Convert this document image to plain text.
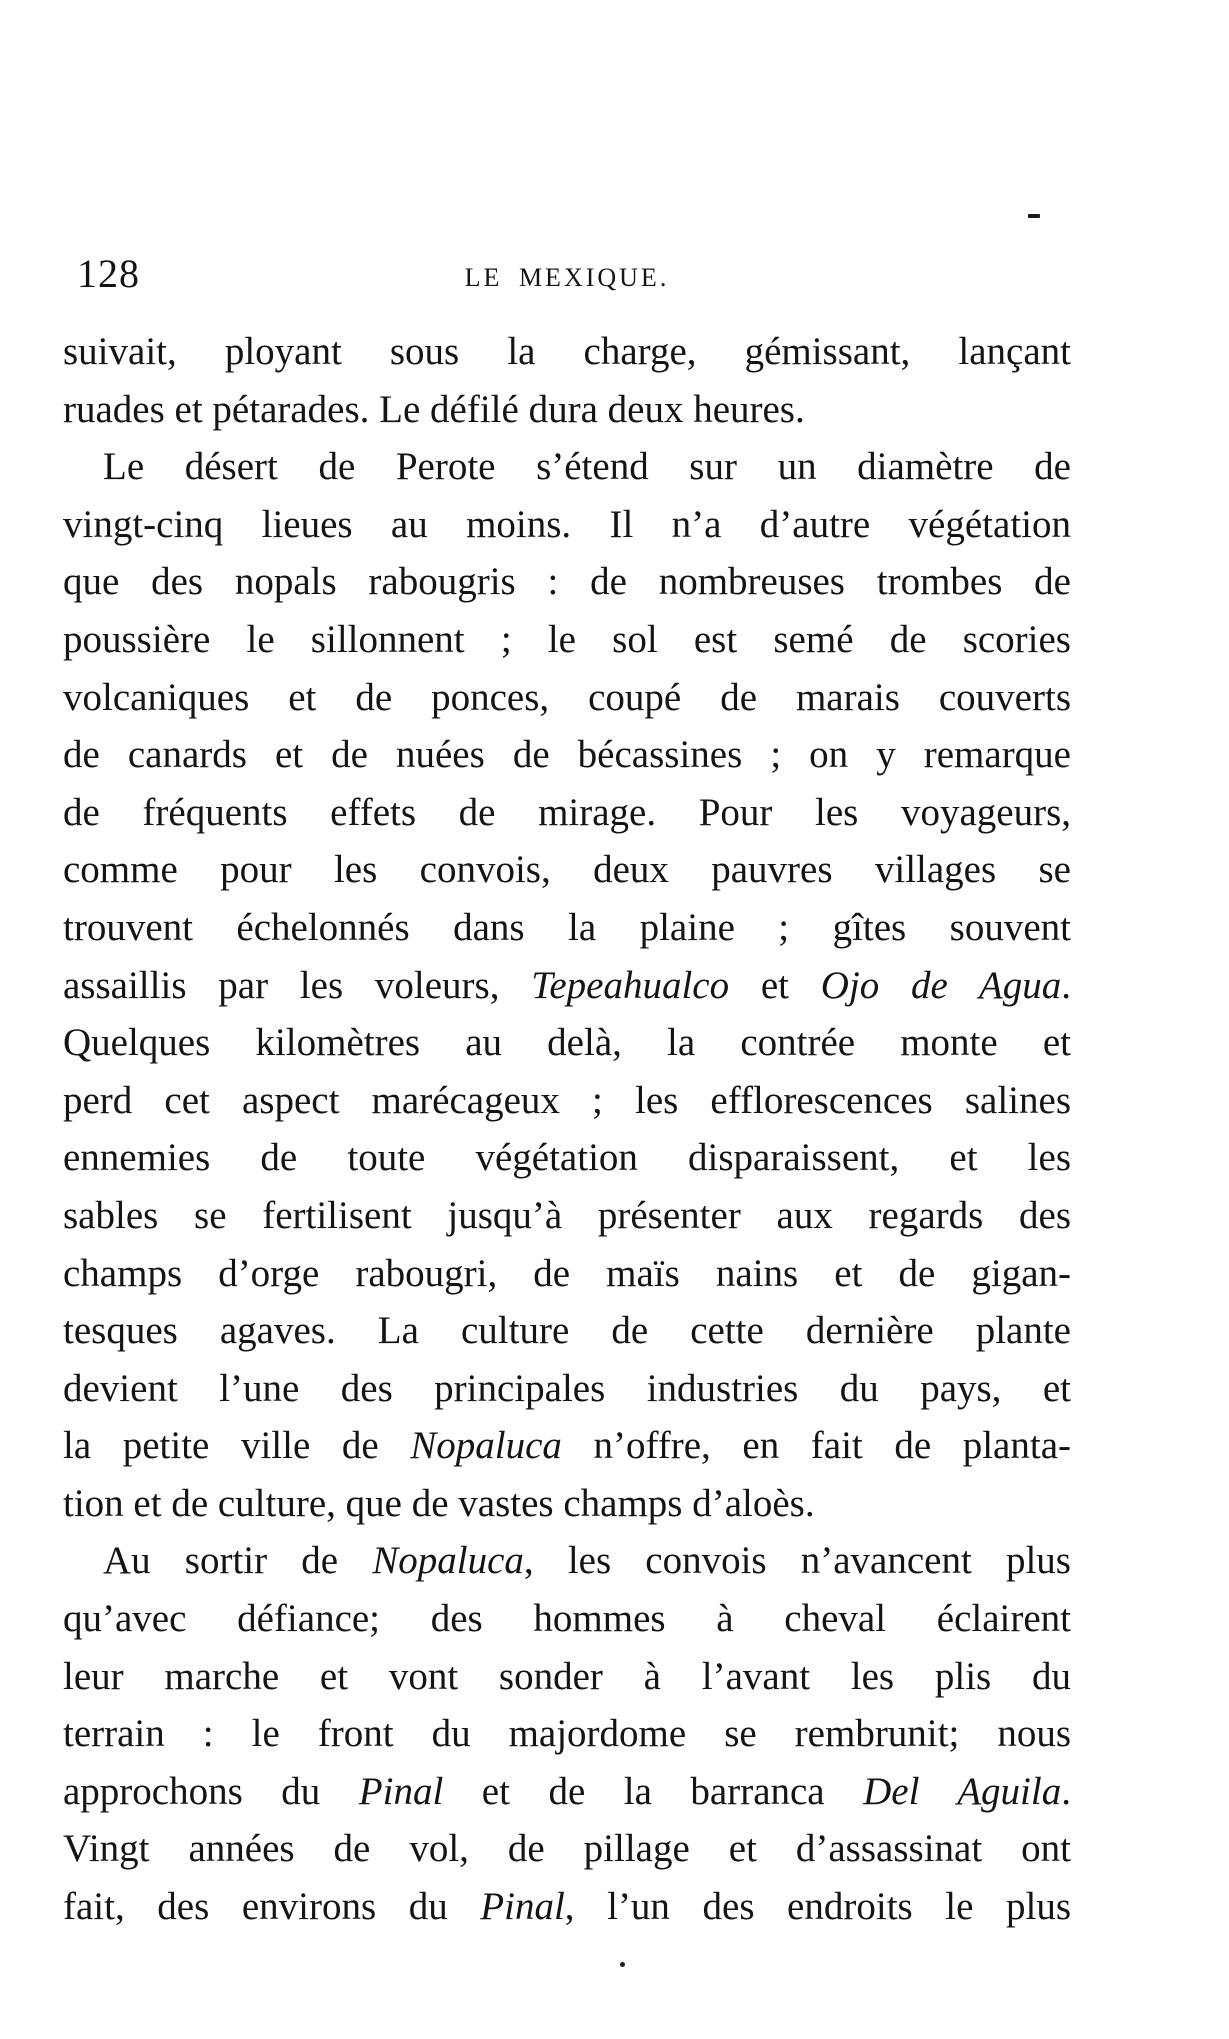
128	LE MEXIQUE.
suivait, ployant sous la charge, gémissant, lançant
ruades et pétarades. Le défilé dura deux heures.
Le désert de Perote s’étend sur un diamètre de
vingt-cinq lieues au moins. Il n’a d’autre végétation
que des nopals rabougris : de nombreuses trombes de
poussière le sillonnent ; le sol est semé de scories
volcaniques et de ponces, coupé de marais couverts
de canards et de nuées de bécassines ; on y remarque
de fréquents effets de mirage. Pour les voyageurs,
comme pour les convois, deux pauvres villages se
trouvent échelonnés dans la plaine ; gîtes souvent
assaillis par les voleurs, Tepeahualco et Ojo de Agua.
Quelques kilomètres au delà, la contrée monte et
perd cet aspect marécageux ; les efflorescences salines
ennemies de toute végétation disparaissent, et les
sables se fertilisent jusqu’à présenter aux regards des
champs d’orge rabougri, de maïs nains et de gigan-
tesques agaves. La culture de cette dernière plante
devient l’une des principales industries du pays, et
la petite ville de Nopaluca n’offre, en fait de planta-
tion et de culture, que de vastes champs d’aloès.
Au sortir de Nopaluca, les convois n’avancent plus
qu’avec défiance; des hommes à cheval éclairent
leur marche et vont sonder à l’avant les plis du
terrain : le front du majordome se rembrunit; nous
approchons du Pinal et de la barranca Del Aguila.
Vingt années de vol, de pillage et d’assassinat ont
fait, des environs du Pinal, l’un des endroits le plus
